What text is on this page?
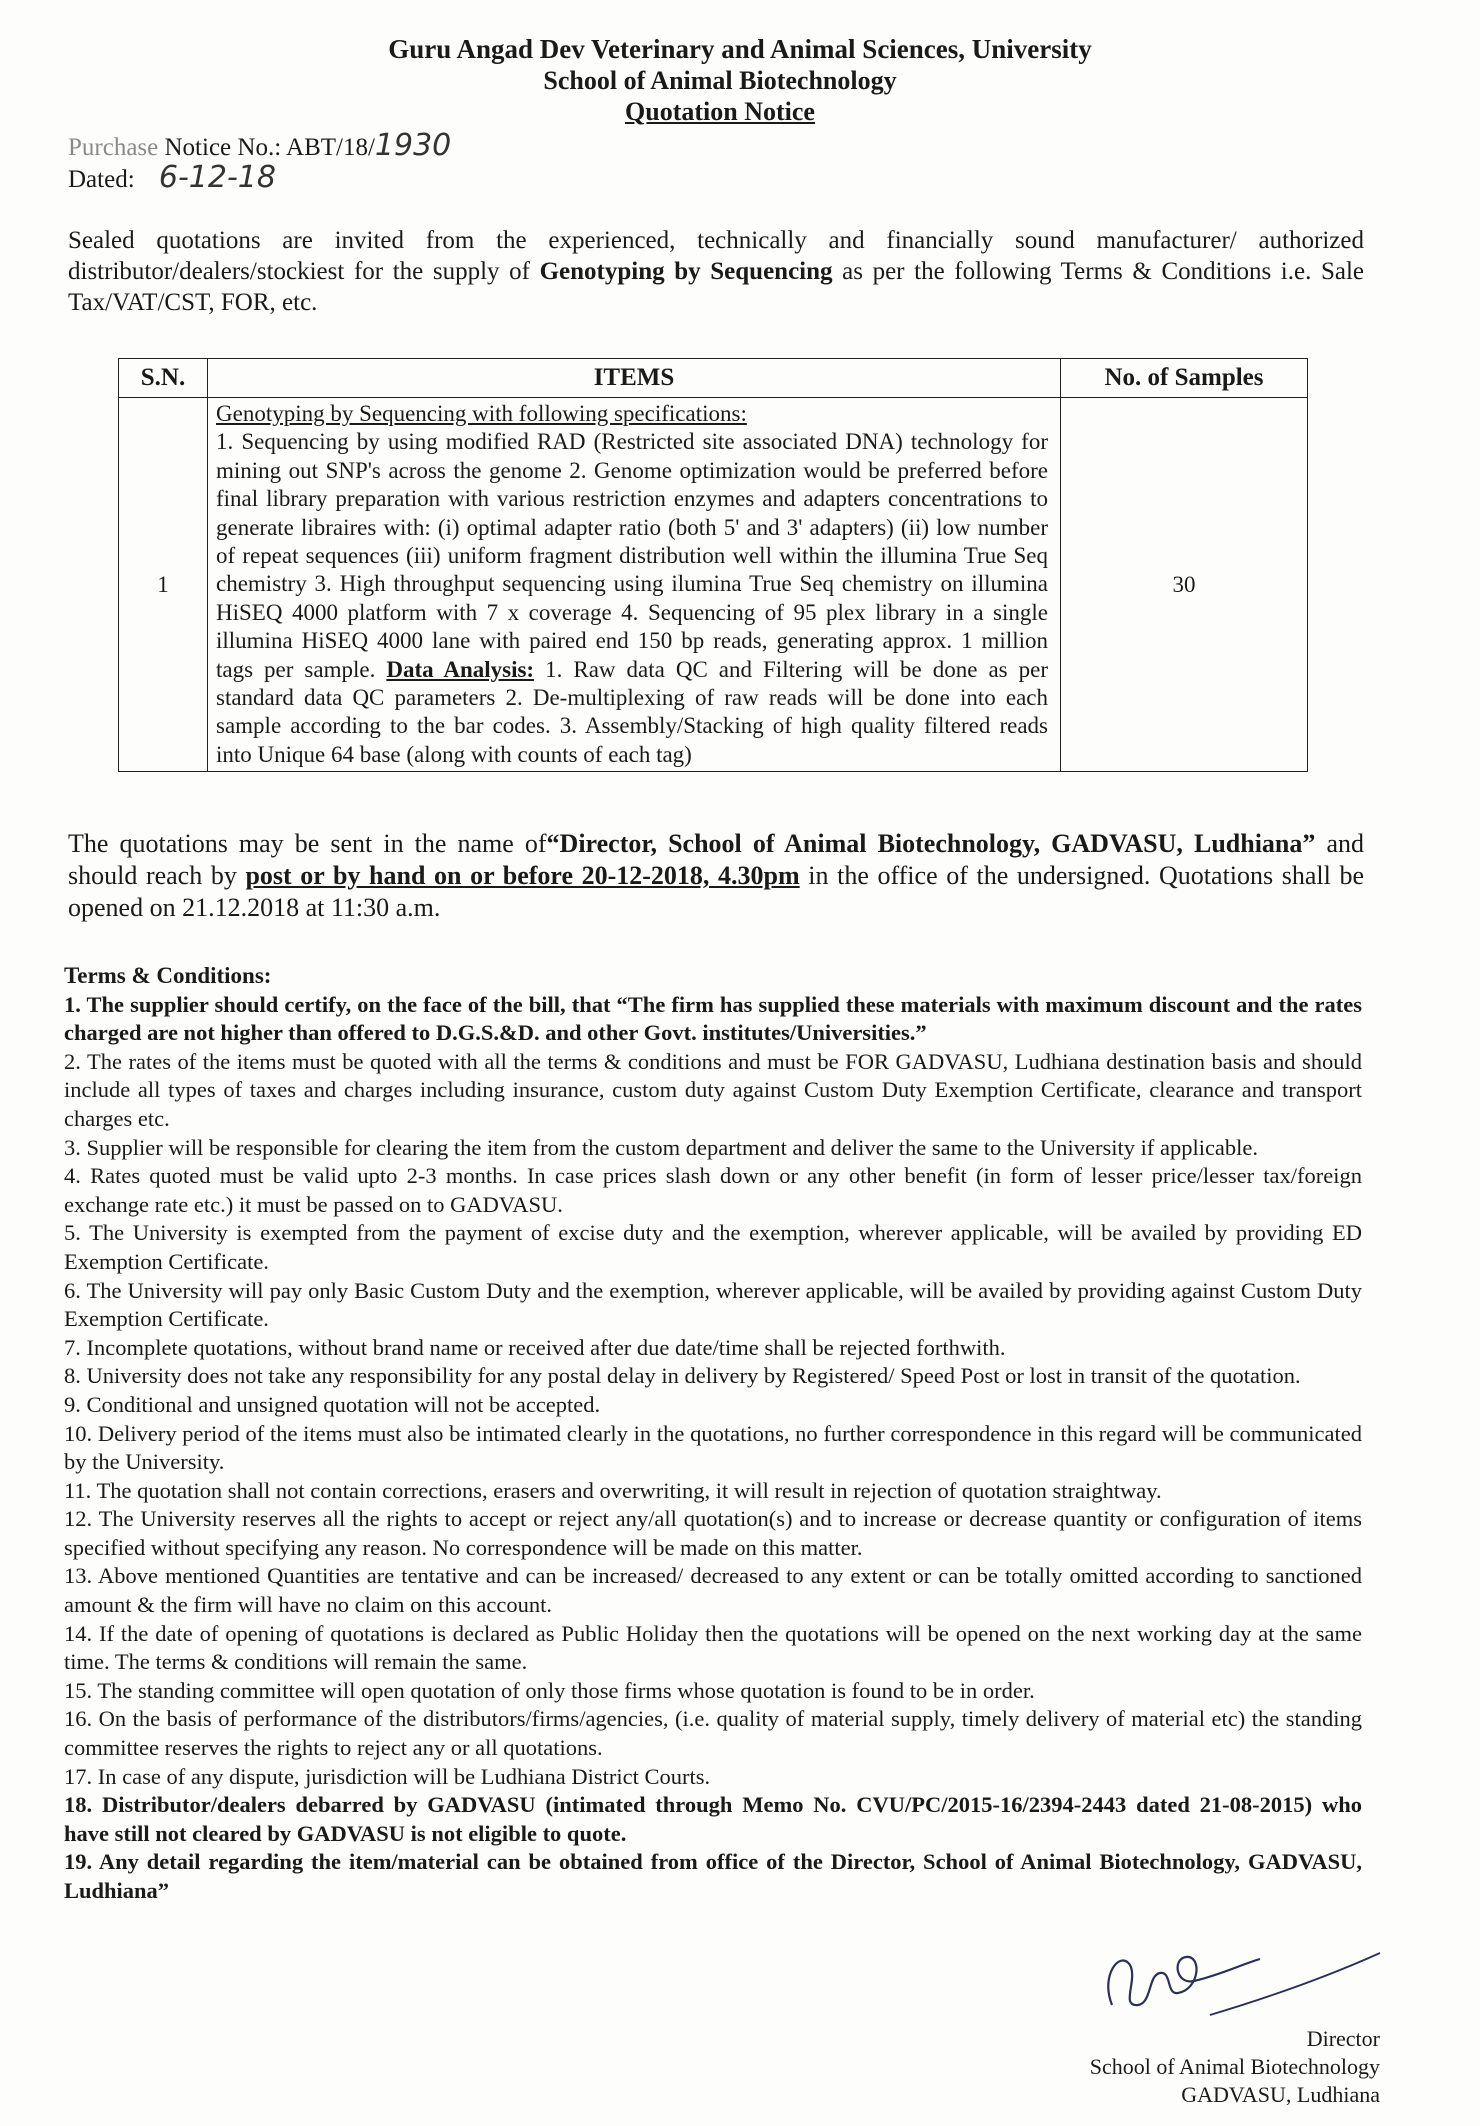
Guru Angad Dev Veterinary and Animal Sciences, University
School of Animal Biotechnology
Quotation Notice
Purchase Notice No.: ABT/18/1930
Dated: 6-12-18
Sealed quotations are invited from the experienced, technically and financially sound manufacturer/ authorized distributor/dealers/stockiest for the supply of Genotyping by Sequencing as per the following Terms & Conditions i.e. Sale Tax/VAT/CST, FOR, etc.
S.N.	ITEMS	No. of Samples
1	Genotyping by Sequencing with following specifications:
1. Sequencing by using modified RAD (Restricted site associated DNA) technology for mining out SNP's across the genome 2. Genome optimization would be preferred before final library preparation with various restriction enzymes and adapters concentrations to generate libraires with: (i) optimal adapter ratio (both 5' and 3' adapters) (ii) low number of repeat sequences (iii) uniform fragment distribution well within the illumina True Seq chemistry 3. High throughput sequencing using ilumina True Seq chemistry on illumina HiSEQ 4000 platform with 7 x coverage 4. Sequencing of 95 plex library in a single illumina HiSEQ 4000 lane with paired end 150 bp reads, generating approx. 1 million tags per sample. Data Analysis: 1. Raw data QC and Filtering will be done as per standard data QC parameters 2. De-multiplexing of raw reads will be done into each sample according to the bar codes. 3. Assembly/Stacking of high quality filtered reads into Unique 64 base (along with counts of each tag)	30
The quotations may be sent in the name of“Director, School of Animal Biotechnology, GADVASU, Ludhiana” and should reach by post or by hand on or before 20-12-2018, 4.30pm in the office of the undersigned. Quotations shall be opened on 21.12.2018 at 11:30 a.m.

Terms & Conditions:

1. The supplier should certify, on the face of the bill, that “The firm has supplied these materials with maximum discount and the rates charged are not higher than offered to D.G.S.&D. and other Govt. institutes/Universities.”

2. The rates of the items must be quoted with all the terms & conditions and must be FOR GADVASU, Ludhiana destination basis and should include all types of taxes and charges including insurance, custom duty against Custom Duty Exemption Certificate, clearance and transport charges etc.

3. Supplier will be responsible for clearing the item from the custom department and deliver the same to the University if applicable.

4. Rates quoted must be valid upto 2-3 months. In case prices slash down or any other benefit (in form of lesser price/lesser tax/foreign exchange rate etc.) it must be passed on to GADVASU.

5. The University is exempted from the payment of excise duty and the exemption, wherever applicable, will be availed by providing ED Exemption Certificate.

6. The University will pay only Basic Custom Duty and the exemption, wherever applicable, will be availed by providing against Custom Duty Exemption Certificate.

7. Incomplete quotations, without brand name or received after due date/time shall be rejected forthwith.

8. University does not take any responsibility for any postal delay in delivery by Registered/ Speed Post or lost in transit of the quotation.

9. Conditional and unsigned quotation will not be accepted.

10. Delivery period of the items must also be intimated clearly in the quotations, no further correspondence in this regard will be communicated by the University.

11. The quotation shall not contain corrections, erasers and overwriting, it will result in rejection of quotation straightway.

12. The University reserves all the rights to accept or reject any/all quotation(s) and to increase or decrease quantity or configuration of items specified without specifying any reason. No correspondence will be made on this matter.

13. Above mentioned Quantities are tentative and can be increased/ decreased to any extent or can be totally omitted according to sanctioned amount & the firm will have no claim on this account.

14. If the date of opening of quotations is declared as Public Holiday then the quotations will be opened on the next working day at the same time. The terms & conditions will remain the same.

15. The standing committee will open quotation of only those firms whose quotation is found to be in order.

16. On the basis of performance of the distributors/firms/agencies, (i.e. quality of material supply, timely delivery of material etc) the standing committee reserves the rights to reject any or all quotations.

17. In case of any dispute, jurisdiction will be Ludhiana District Courts.

18. Distributor/dealers debarred by GADVASU (intimated through Memo No. CVU/PC/2015-16/2394-2443 dated 21-08-2015) who have still not cleared by GADVASU is not eligible to quote.

19. Any detail regarding the item/material can be obtained from office of the Director, School of Animal Biotechnology, GADVASU, Ludhiana”

Director
School of Animal Biotechnology
GADVASU, Ludhiana
